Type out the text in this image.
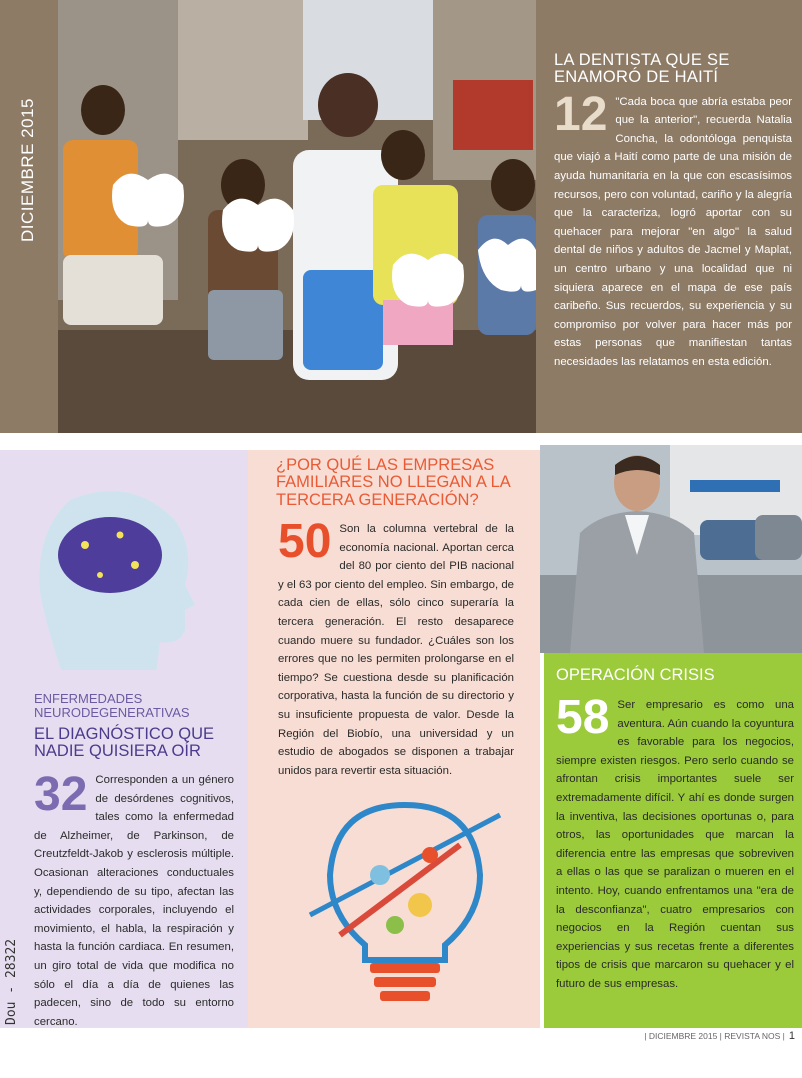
DICIEMBRE 2015
LA DENTISTA QUE SE ENAMORÓ DE HAITÍ
12 "Cada boca que abría estaba peor que la anterior", recuerda Natalia Concha, la odontóloga penquista que viajó a Haití como parte de una misión de ayuda humanitaria en la que con escasísimos recursos, pero con voluntad, cariño y la alegría que la caracteriza, logró aportar con su quehacer para mejorar "en algo" la salud dental de niños y adultos de Jacmel y Maplat, un centro urbano y una localidad que ni siquiera aparece en el mapa de ese país caribeño. Sus recuerdos, su experiencia y su compromiso por volver para hacer más por estas personas que manifiestan tantas necesidades las relatamos en esta edición.

ENFERMEDADES NEURODEGENERATIVAS
EL DIAGNÓSTICO QUE NADIE QUISIERA OÍR
32 Corresponden a un género de desórdenes cognitivos, tales como la enfermedad de Alzheimer, de Parkinson, de Creutzfeldt-Jakob y esclerosis múltiple. Ocasionan alteraciones conductuales y, dependiendo de su tipo, afectan las actividades corporales, incluyendo el movimiento, el habla, la respiración y hasta la función cardiaca. En resumen, un giro total de vida que modifica no sólo el día a día de quienes las padecen, sino de todo su entorno cercano.

¿POR QUÉ LAS EMPRESAS FAMILIARES NO LLEGAN A LA TERCERA GENERACIÓN?
50 Son la columna vertebral de la economía nacional. Aportan cerca del 80 por ciento del PIB nacional y el 63 por ciento del empleo. Sin embargo, de cada cien de ellas, sólo cinco superaría la tercera generación. El resto desaparece cuando muere su fundador. ¿Cuáles son los errores que no les permiten prolongarse en el tiempo? Se cuestiona desde su planificación corporativa, hasta la función de su directorio y su insuficiente propuesta de valor. Desde la Región del Biobío, una universidad y un estudio de abogados se disponen a trabajar unidos para revertir esta situación.

OPERACIÓN CRISIS
58 Ser empresario es como una aventura. Aún cuando la coyuntura es favorable para los negocios, siempre existen riesgos. Pero serlo cuando se afrontan crisis importantes suele ser extremadamente difícil. Y ahí es donde surgen la inventiva, las decisiones oportunas o, para otros, las oportunidades que marcan la diferencia entre las empresas que sobreviven a ellas o las que se paralizan o mueren en el intento. Hoy, cuando enfrentamos una "era de la desconfianza", cuatro empresarios con negocios en la Región cuentan sus experiencias y sus recetas frente a diferentes tipos de crisis que marcaron su quehacer y el futuro de sus empresas.

Dou - 28322
| DICIEMBRE 2015 | REVISTA NOS | 1
